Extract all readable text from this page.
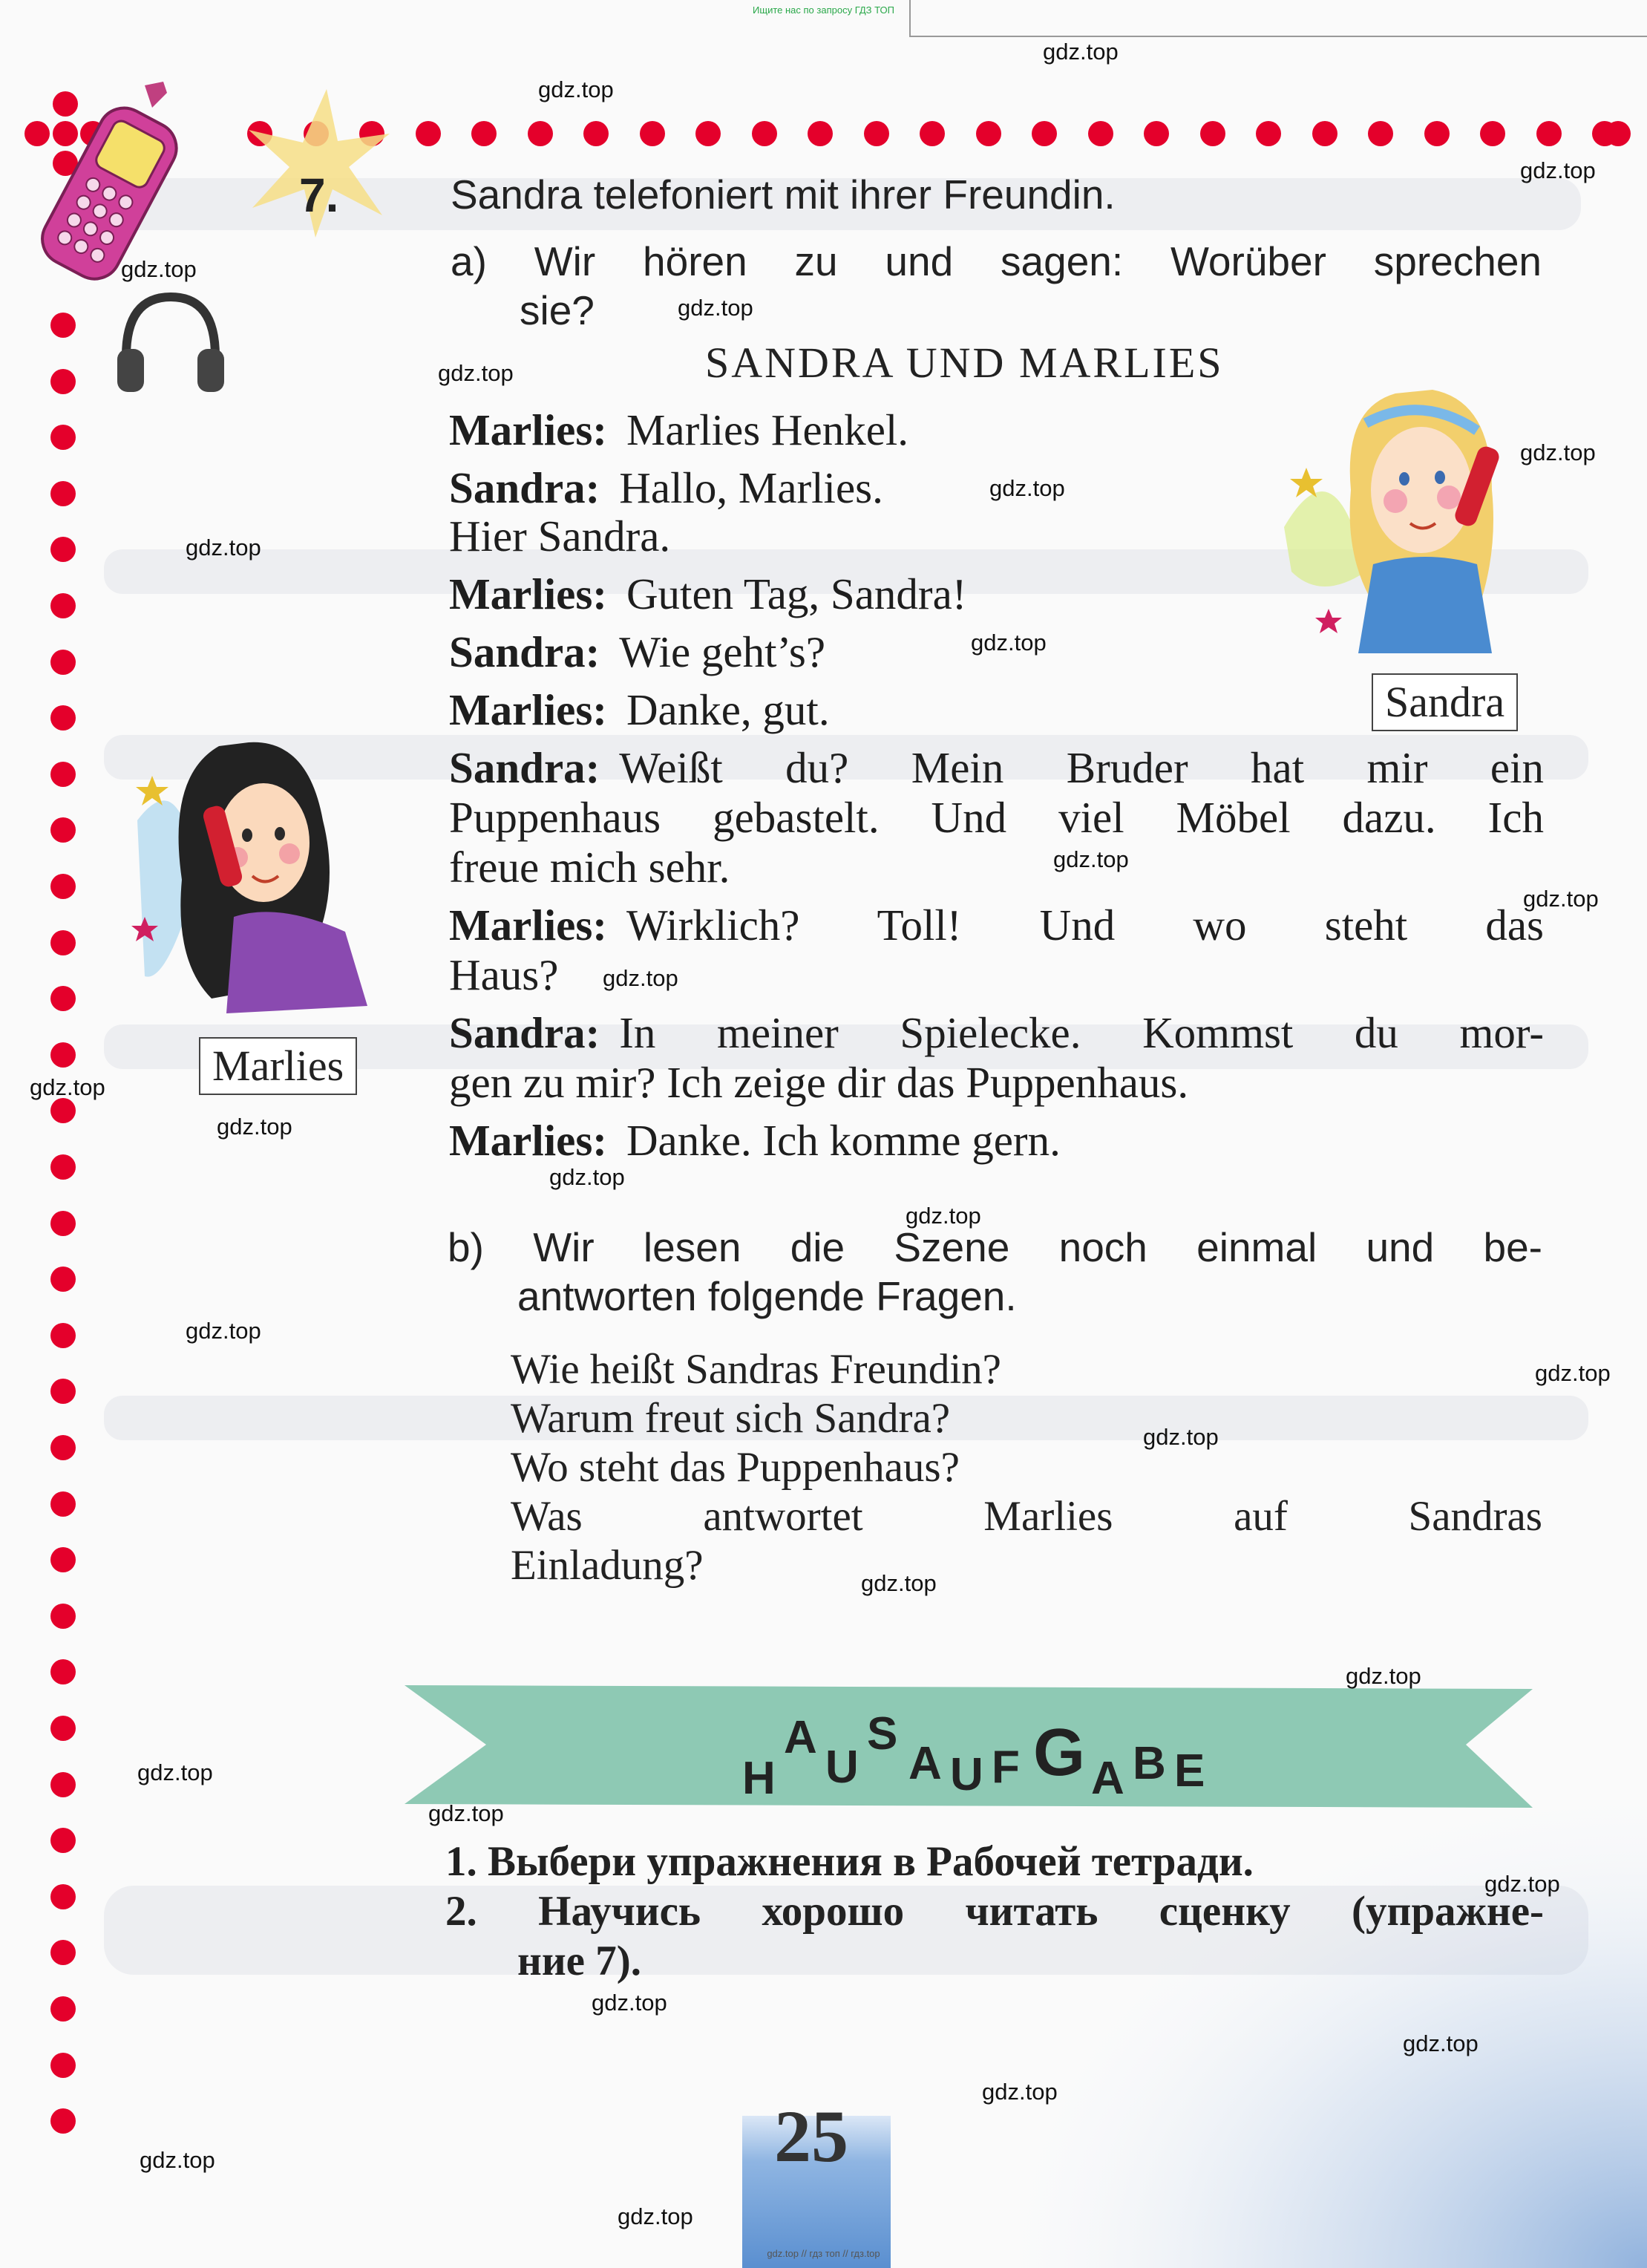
Ищите нас по запросу ГДЗ ТОП
gdz.top // гдз топ // гдз.top
7.	Sandra telefoniert mit ihrer Freundin.
a) Wir hören zu und sagen: Worüber sprechen
sie?
SANDRA UND MARLIES
Marlies: Marlies Henkel.
Sandra: Hallo, Marlies.
Hier Sandra.
Marlies: Guten Tag, Sandra!
Sandra: Wie geht’s?
Marlies: Danke, gut.
Sandra: Weißt du? Mein Bruder hat mir ein
Puppenhaus gebastelt. Und viel Möbel dazu. Ich
freue mich sehr.
Marlies: Wirklich? Toll! Und wo steht das
Haus?
Sandra: In meiner Spielecke. Kommst du mor-
gen zu mir? Ich zeige dir das Puppenhaus.
Marlies: Danke. Ich komme gern.
b) Wir lesen die Szene noch einmal und be-
antworten folgende Fragen.
Wie heißt Sandras Freundin?
Warum freut sich Sandra?
Wo steht das Puppenhaus?
Was antwortet Marlies auf Sandras
Einladung?
Sandra
Marlies
H
A
U
S
A U F G A B E
1. Выбери упражнения в Рабочей тетради.
2. Научись хорошо читать сценку (упражне-
ние 7).
25
gdz.top
gdz.top
gdz.top
gdz.top
gdz.top
gdz.top
gdz.top
gdz.top
gdz.top
gdz.top
gdz.top
gdz.top
gdz.top
gdz.top
gdz.top
gdz.top
gdz.top
gdz.top
gdz.top
gdz.top
gdz.top
gdz.top
gdz.top
gdz.top
gdz.top
gdz.top
gdz.top
gdz.top
gdz.top
gdz.top
